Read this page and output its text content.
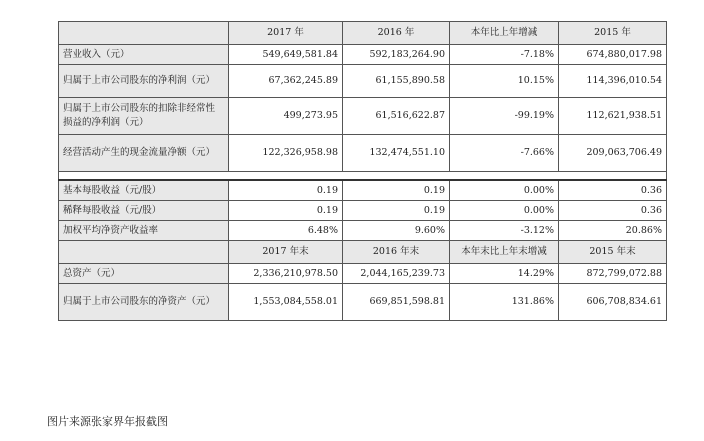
	2017 年	2016 年	本年比上年增减	2015 年
营业收入（元）	549,649,581.84	592,183,264.90	-7.18%	674,880,017.98
归属于上市公司股东的净利润（元）	67,362,245.89	61,155,890.58	10.15%	114,396,010.54
归属于上市公司股东的扣除非经常性损益的净利润（元）	499,273.95	61,516,622.87	-99.19%	112,621,938.51
经营活动产生的现金流量净额（元）	122,326,958.98	132,474,551.10	-7.66%	209,063,706.49

基本每股收益（元/股）	0.19	0.19	0.00%	0.36
稀释每股收益（元/股）	0.19	0.19	0.00%	0.36
加权平均净资产收益率	6.48%	9.60%	-3.12%	20.86%
	2017 年末	2016 年末	本年末比上年末增减	2015 年末
总资产（元）	2,336,210,978.50	2,044,165,239.73	14.29%	872,799,072.88
归属于上市公司股东的净资产（元）	1,553,084,558.01	669,851,598.81	131.86%	606,708,834.61
图片来源张家界年报截图
